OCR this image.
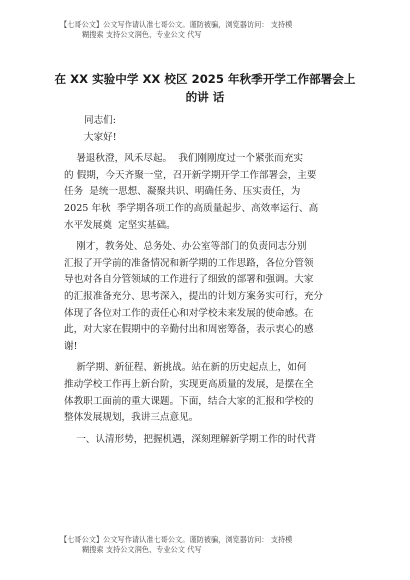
【七哥公文】公文写作请认准七哥公文。谨防被骗，浏览器访问： 支持模
糊搜索 支持公文润色、专业公文 代写
在 XX 实验中学 XX 校区 2025 年秋季开学工作部署会上
的讲 话

同志们:

大家好!

暑退秋澄，风禾尽起。  我们刚刚度过一个紧张而充实
的 假期，今天齐聚一堂，召开新学期开学工作部署会，主要
任务  是统一思想、凝聚共识、明确任务、压实责任，为
2025 年秋  季学期各项工作的高质量起步、高效率运行、高
水平发展奠  定坚实基础。
刚才，教务处、总务处、办公室等部门的负责同志分别
汇报了开学前的准备情况和新学期的工作思路，各位分管领
导也对各自分管领域的工作进行了细致的部署和强调。大家
的汇报准备充分、思考深入，提出的计划方案务实可行，充分
体现了各位对工作的责任心和对学校未来发展的使命感。在
此，对大家在假期中的辛勤付出和周密筹备，表示衷心的感
谢!
新学期、新征程、新挑战。站在新的历史起点上，如何
推动学校工作再上新台阶，实现更高质量的发展，是摆在全
体教职工面前的重大课题。下面，结合大家的汇报和学校的
整体发展规划，我讲三点意见。
一、认清形势，把握机遇，深刻理解新学期工作的时代背
【七哥公文】公文写作请认准七哥公文。谨防被骗，浏览器访问： 支持模
糊搜索 支持公文润色、专业公文 代写
